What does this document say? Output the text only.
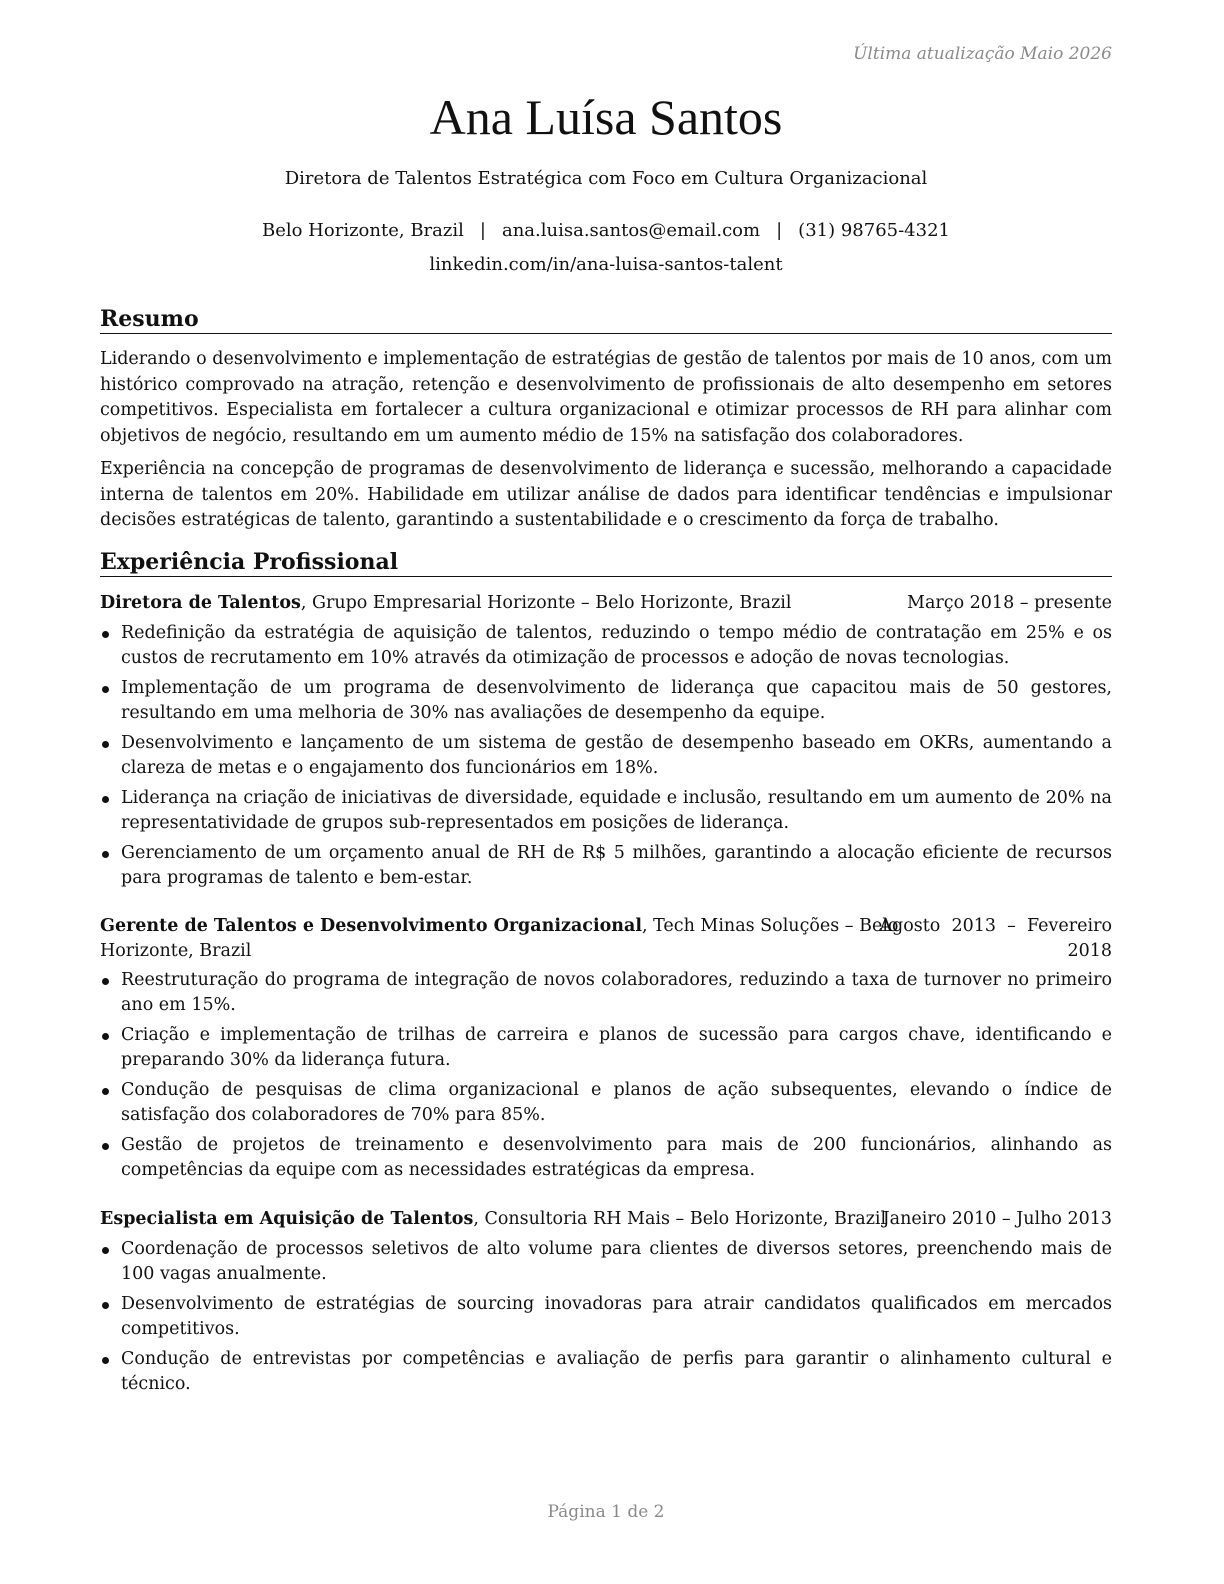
Última atualização Maio 2026
Ana Luísa Santos
Diretora de Talentos Estratégica com Foco em Cultura Organizacional
Belo Horizonte, Brazil | ana.luisa.santos@email.com | (31) 98765-4321
linkedin.com/in/ana-luisa-santos-talent
Resumo
Liderando o desenvolvimento e implementação de estratégias de gestão de talentos por mais de 10 anos, com um histórico comprovado na atração, retenção e desenvolvimento de profissionais de alto desempenho em setores competitivos. Especialista em fortalecer a cultura organizacional e otimizar processos de RH para alinhar com objetivos de negócio, resultando em um aumento médio de 15% na satisfação dos colaboradores.
Experiência na concepção de programas de desenvolvimento de liderança e sucessão, melhorando a capacidade interna de talentos em 20%. Habilidade em utilizar análise de dados para identificar tendências e impulsionar decisões estratégicas de talento, garantindo a sustentabilidade e o crescimento da força de trabalho.
Experiência Profissional
Diretora de Talentos, Grupo Empresarial Horizonte – Belo Horizonte, Brazil	Março 2018 – presente
Redefinição da estratégia de aquisição de talentos, reduzindo o tempo médio de contratação em 25% e os custos de recrutamento em 10% através da otimização de processos e adoção de novas tecnologias.
Implementação de um programa de desenvolvimento de liderança que capacitou mais de 50 gestores, resultando em uma melhoria de 30% nas avaliações de desempenho da equipe.
Desenvolvimento e lançamento de um sistema de gestão de desempenho baseado em OKRs, aumentando a clareza de metas e o engajamento dos funcionários em 18%.
Liderança na criação de iniciativas de diversidade, equidade e inclusão, resultando em um aumento de 20% na representatividade de grupos sub-representados em posições de liderança.
Gerenciamento de um orçamento anual de RH de R$ 5 milhões, garantindo a alocação eficiente de recursos para programas de talento e bem-estar.
Gerente de Talentos e Desenvolvimento Organizacional, Tech Minas Soluções – Belo
Agosto  2013  –  Fevereiro
Horizonte, Brazil	2018
Reestruturação do programa de integração de novos colaboradores, reduzindo a taxa de turnover no primeiro ano em 15%.
Criação e implementação de trilhas de carreira e planos de sucessão para cargos chave, identificando e preparando 30% da liderança futura.
Condução de pesquisas de clima organizacional e planos de ação subsequentes, elevando o índice de satisfação dos colaboradores de 70% para 85%.
Gestão de projetos de treinamento e desenvolvimento para mais de 200 funcionários, alinhando as competências da equipe com as necessidades estratégicas da empresa.
Especialista em Aquisição de Talentos, Consultoria RH Mais – Belo Horizonte, Brazil
Janeiro 2010 – Julho 2013
Coordenação de processos seletivos de alto volume para clientes de diversos setores, preenchendo mais de 100 vagas anualmente.
Desenvolvimento de estratégias de sourcing inovadoras para atrair candidatos qualificados em mercados competitivos.
Condução de entrevistas por competências e avaliação de perfis para garantir o alinhamento cultural e técnico.
Página 1 de 2
